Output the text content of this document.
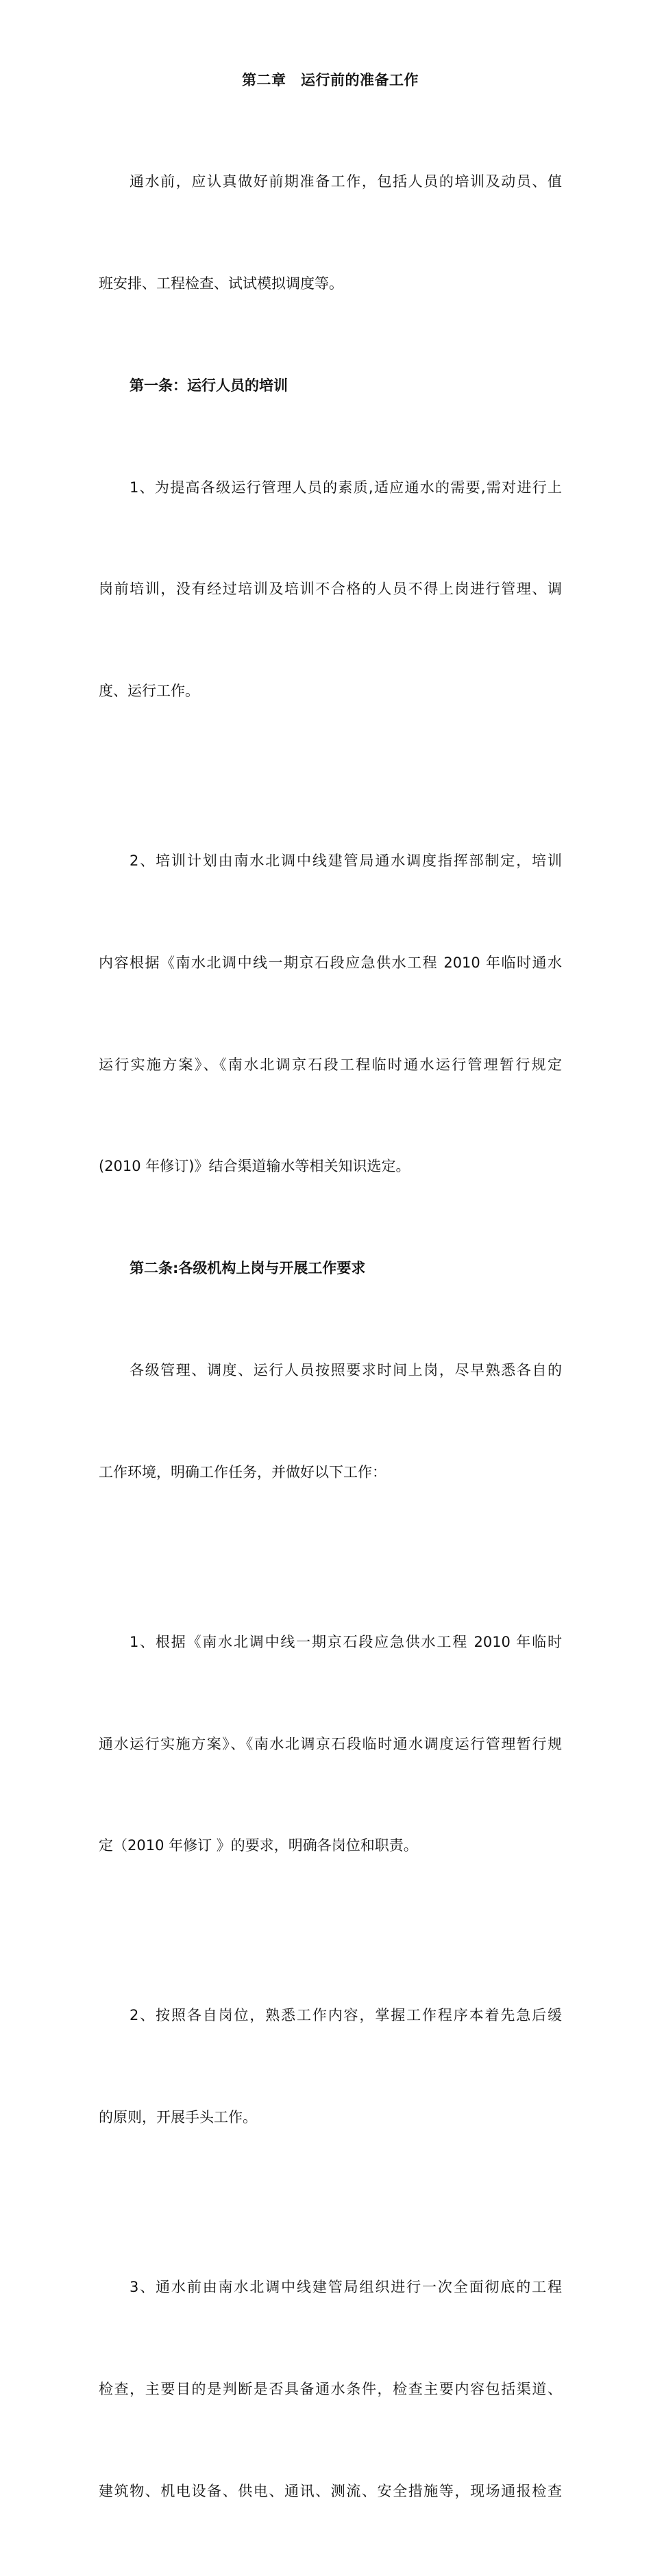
第二章　运行前的准备工作

通水前，应认真做好前期准备工作，包括人员的培训及动员、值

班安排、工程检查、试试模拟调度等。

第一条：运行人员的培训

1、为提高各级运行管理人员的素质,适应通水的需要,需对进行上

岗前培训，没有经过培训及培训不合格的人员不得上岗进行管理、调

度、运行工作。

2、培训计划由南水北调中线建管局通水调度指挥部制定，培训

内容根据《南水北调中线一期京石段应急供水工程 2010 年临时通水

运行实施方案》、《南水北调京石段工程临时通水运行管理暂行规定

(2010 年修订)》结合渠道输水等相关知识选定。

第二条:各级机构上岗与开展工作要求

各级管理、调度、运行人员按照要求时间上岗，尽早熟悉各自的

工作环境，明确工作任务，并做好以下工作：

1、根据《南水北调中线一期京石段应急供水工程 2010 年临时

通水运行实施方案》、《南水北调京石段临时通水调度运行管理暂行规

定（2010 年修订 》的要求，明确各岗位和职责。

2、按照各自岗位，熟悉工作内容，掌握工作程序本着先急后缓

的原则，开展手头工作。

3、通水前由南水北调中线建管局组织进行一次全面彻底的工程

检查，主要目的是判断是否具备通水条件，检查主要内容包括渠道、

建筑物、机电设备、供电、通讯、测流、安全措施等，现场通报检查
